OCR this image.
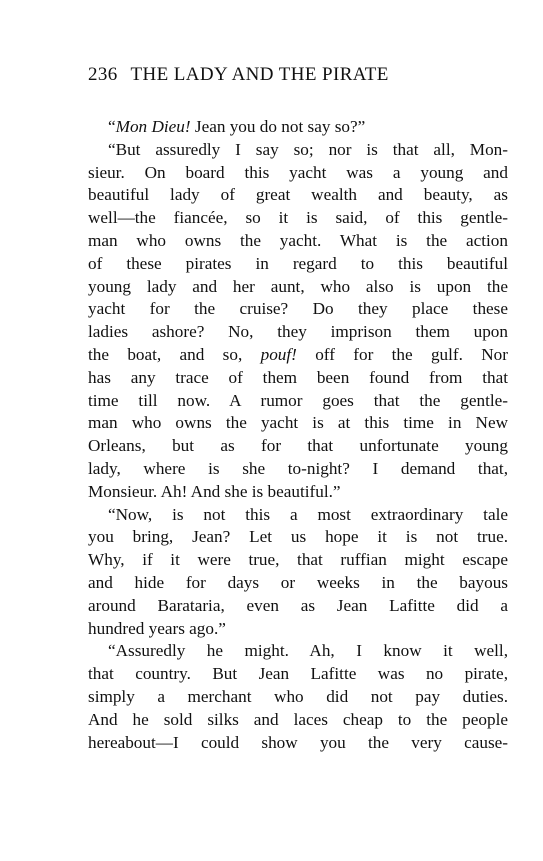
236 THE LADY AND THE PIRATE
“Mon Dieu! Jean you do not say so?”
“But assuredly I say so; nor is that all, Mon-
sieur. On board this yacht was a young and
beautiful lady of great wealth and beauty, as
well—the fiancée, so it is said, of this gentle-
man who owns the yacht. What is the action
of these pirates in regard to this beautiful
young lady and her aunt, who also is upon the
yacht for the cruise? Do they place these
ladies ashore? No, they imprison them upon
the boat, and so, pouf! off for the gulf. Nor
has any trace of them been found from that
time till now. A rumor goes that the gentle-
man who owns the yacht is at this time in New
Orleans, but as for that unfortunate young
lady, where is she to-night? I demand that,
Monsieur. Ah! And she is beautiful.”
“Now, is not this a most extraordinary tale
you bring, Jean? Let us hope it is not true.
Why, if it were true, that ruffian might escape
and hide for days or weeks in the bayous
around Barataria, even as Jean Lafitte did a
hundred years ago.”
“Assuredly he might. Ah, I know it well,
that country. But Jean Lafitte was no pirate,
simply a merchant who did not pay duties.
And he sold silks and laces cheap to the people
hereabout—I could show you the very cause-
